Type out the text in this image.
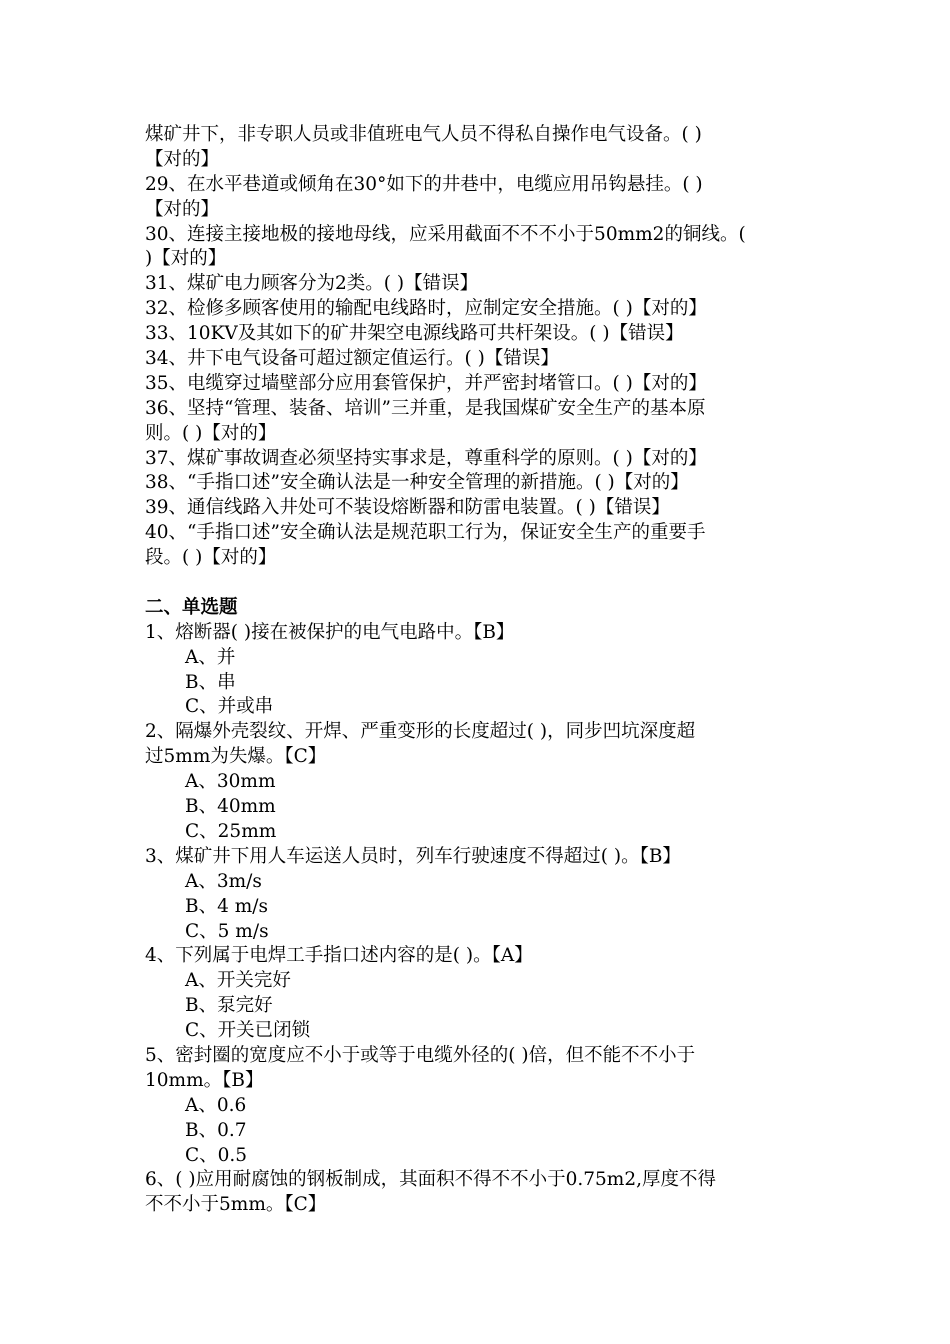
煤矿井下，非专职人员或非值班电气人员不得私自操作电气设备。( )
【对的】
29、在水平巷道或倾角在30°如下的井巷中，电缆应用吊钩悬挂。( )
【对的】
30、连接主接地极的接地母线，应采用截面不不不小于50mm2的铜线。(
)【对的】
31、煤矿电力顾客分为2类。( )【错误】
32、检修多顾客使用的输配电线路时，应制定安全措施。( )【对的】
33、10KV及其如下的矿井架空电源线路可共杆架设。( )【错误】
34、井下电气设备可超过额定值运行。( )【错误】
35、电缆穿过墙壁部分应用套管保护，并严密封堵管口。( )【对的】
36、坚持“管理、装备、培训”三并重，是我国煤矿安全生产的基本原
则。( )【对的】
37、煤矿事故调查必须坚持实事求是，尊重科学的原则。( )【对的】
38、“手指口述”安全确认法是一种安全管理的新措施。( )【对的】
39、通信线路入井处可不装设熔断器和防雷电装置。( )【错误】
40、“手指口述”安全确认法是规范职工行为，保证安全生产的重要手
段。( )【对的】
二、单选题
1、熔断器( )接在被保护的电气电路中。【B】
A、并
B、串
C、并或串
2、隔爆外壳裂纹、开焊、严重变形的长度超过( )，同步凹坑深度超
过5mm为失爆。【C】
A、30mm
B、40mm
C、25mm
3、煤矿井下用人车运送人员时，列车行驶速度不得超过( )。【B】
A、3m/s
B、4 m/s
C、5 m/s
4、下列属于电焊工手指口述内容的是( )。【A】
A、开关完好
B、泵完好
C、开关已闭锁
5、密封圈的宽度应不小于或等于电缆外径的( )倍，但不能不不小于
10mm。【B】
A、0.6
B、0.7
C、0.5
6、( )应用耐腐蚀的钢板制成，其面积不得不不小于0.75m2,厚度不得
不不小于5mm。【C】
